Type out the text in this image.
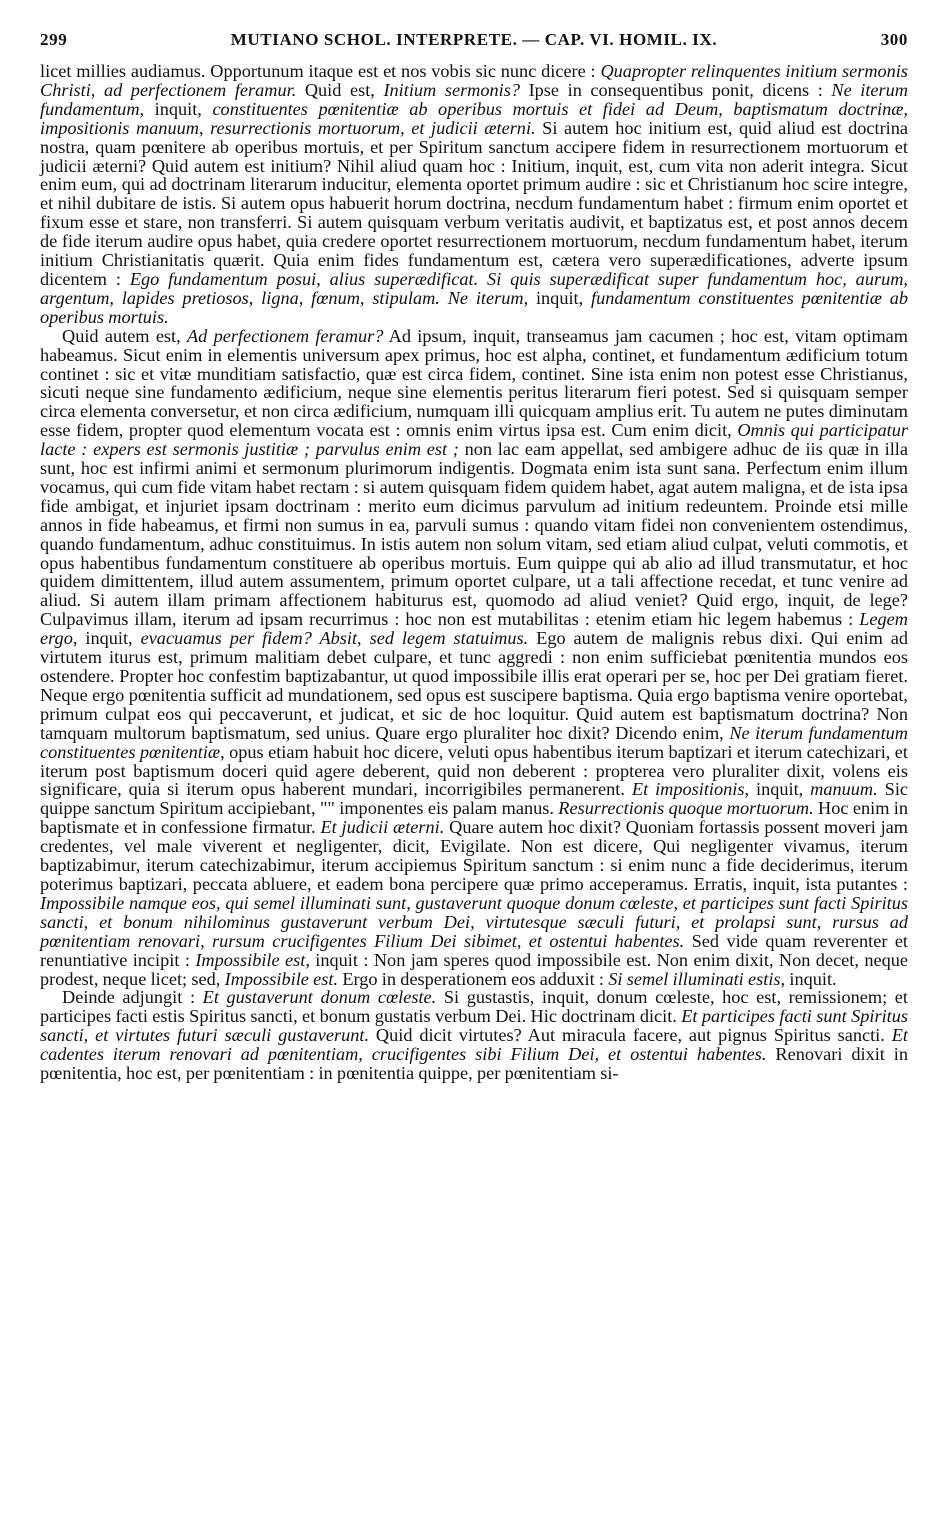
299	MUTIANO SCHOL. INTERPRETE. — CAP. VI. HOMIL. IX.	300

licet millies audiamus. Opportunum itaque est et nos vobis sic nunc dicere : Quapropter relinquentes initium sermonis Christi, ad perfectionem feramur. Quid est, Initium sermonis? Ipse in consequentibus ponit, dicens : Ne iterum fundamentum, inquit, constituentes pœnitentiæ ab operibus mortuis et fidei ad Deum, baptismatum doctrinæ, impositionis manuum, resurrectionis mortuorum, et judicii æterni. Si autem hoc initium est, quid aliud est doctrina nostra, quam pœnitere ab operibus mortuis, et per Spiritum sanctum accipere fidem in resurrectionem mortuorum et judicii æterni? Quid autem est initium? Nihil aliud quam hoc : Initium, inquit, est, cum vita non aderit integra. Sicut enim eum, qui ad doctrinam literarum inducitur, elementa oportet primum audire : sic et Christianum hoc scire integre, et nihil dubitare de istis. Si autem opus habuerit horum doctrina, necdum fundamentum habet : firmum enim oportet et fixum esse et stare, non transferri. Si autem quisquam verbum veritatis audivit, et baptizatus est, et post annos decem de fide iterum audire opus habet, quia credere oportet resurrectionem mortuorum, necdum fundamentum habet, iterum initium Christianitatis quærit. Quia enim fides fundamentum est, cætera vero superædificationes, adverte ipsum dicentem : Ego fundamentum posui, alius superædificat. Si quis superædificat super fundamentum hoc, aurum, argentum, lapides pretiosos, ligna, fœnum, stipulam. Ne iterum, inquit, fundamentum constituentes pœnitentiæ ab operibus mortuis.

Quid autem est, Ad perfectionem feramur? Ad ipsum, inquit, transeamus jam cacumen ; hoc est, vitam optimam habeamus. Sicut enim in elementis universum apex primus, hoc est alpha, continet, et fundamentum ædificium totum continet : sic et vitæ munditiam satisfactio, quæ est circa fidem, continet. Sine ista enim non potest esse Christianus, sicuti neque sine fundamento ædificium, neque sine elementis peritus literarum fieri potest. Sed si quisquam semper circa elementa conversetur, et non circa ædificium, numquam illi quicquam amplius erit. Tu autem ne putes diminutam esse fidem, propter quod elementum vocata est : omnis enim virtus ipsa est. Cum enim dicit, Omnis qui participatur lacte : expers est sermonis justitiæ ; parvulus enim est ; non lac eam appellat, sed ambigere adhuc de iis quæ in illa sunt, hoc est infirmi animi et sermonum plurimorum indigentis. Dogmata enim ista sunt sana. Perfectum enim illum vocamus, qui cum fide vitam habet rectam : si autem quisquam fidem quidem habet, agat autem maligna, et de ista ipsa fide ambigat, et injuriet ipsam doctrinam : merito eum dicimus parvulum ad initium redeuntem. Proinde etsi mille annos in fide habeamus, et firmi non sumus in ea, parvuli sumus : quando vitam fidei non convenientem ostendimus, quando fundamentum, adhuc constituimus. In istis autem non solum vitam, sed etiam aliud culpat, veluti commotis, et opus habentibus fundamentum constituere ab operibus mortuis. Eum quippe qui ab alio ad illud transmutatur, et hoc quidem dimittentem, illud autem assumentem, primum oportet culpare, ut a tali affectione recedat, et tunc venire ad aliud. Si autem illam primam affectionem habiturus est, quomodo ad aliud veniet? Quid ergo, inquit, de lege? Culpavimus illam, iterum ad ipsam recurrimus : hoc non est mutabilitas : etenim etiam hic legem habemus : Legem ergo, inquit, evacuamus per fidem? Absit, sed legem statuimus. Ego autem de malignis rebus dixi. Qui enim ad virtutem iturus est, primum malitiam debet culpare, et tunc aggredi : non enim sufficiebat pœnitentia mundos eos ostendere. Propter hoc confestim baptizabantur, ut quod impossibile illis erat operari per se, hoc per Dei gratiam fieret. Neque ergo pœnitentia sufficit ad mundationem, sed opus est suscipere baptisma. Quia ergo baptisma venire oportebat, primum culpat eos qui peccaverunt, et judicat, et sic de hoc loquitur. Quid autem est baptismatum doctrina? Non tamquam multorum baptismatum, sed unius. Quare ergo pluraliter hoc dixit? Dicendo enim, Ne iterum fundamentum constituentes pœnitentiæ, opus etiam habuit hoc dicere, veluti opus habentibus iterum baptizari et iterum catechizari, et iterum post baptismum doceri quid agere deberent, quid non deberent : propterea vero pluraliter dixit, volens eis significare, quia si iterum opus haberent mundari, incorrigibiles permanerent. Et impositionis, inquit, manuum. Sic quippe sanctum Spiritum accipiebant, "" imponentes eis palam manus. Resurrectionis quoque mortuorum. Hoc enim in baptismate et in confessione firmatur. Et judicii æterni. Quare autem hoc dixit? Quoniam fortassis possent moveri jam credentes, vel male viverent et negligenter, dicit, Evigilate. Non est dicere, Qui negligenter vivamus, iterum baptizabimur, iterum catechizabimur, iterum accipiemus Spiritum sanctum : si enim nunc a fide deciderimus, iterum poterimus baptizari, peccata abluere, et eadem bona percipere quæ primo acceperamus. Erratis, inquit, ista putantes : Impossibile namque eos, qui semel illuminati sunt, gustaverunt quoque donum cœleste, et participes sunt facti Spiritus sancti, et bonum nihilominus gustaverunt verbum Dei, virtutesque sæculi futuri, et prolapsi sunt, rursus ad pœnitentiam renovari, rursum crucifigentes Filium Dei sibimet, et ostentui habentes. Sed vide quam reverenter et renuntiative incipit : Impossibile est, inquit : Non jam speres quod impossibile est. Non enim dixit, Non decet, neque prodest, neque licet; sed, Impossibile est. Ergo in desperationem eos adduxit : Si semel illuminati estis, inquit.

Deinde adjungit : Et gustaverunt donum cœleste. Si gustastis, inquit, donum cœleste, hoc est, remissionem; et participes facti estis Spiritus sancti, et bonum gustatis verbum Dei. Hic doctrinam dicit. Et participes facti sunt Spiritus sancti, et virtutes futuri sæculi gustaverunt. Quid dicit virtutes? Aut miracula facere, aut pignus Spiritus sancti. Et cadentes iterum renovari ad pœnitentiam, crucifigentes sibi Filium Dei, et ostentui habentes. Renovari dixit in pœnitentia, hoc est, per pœnitentiam : in pœnitentia quippe, per pœnitentiam si-
